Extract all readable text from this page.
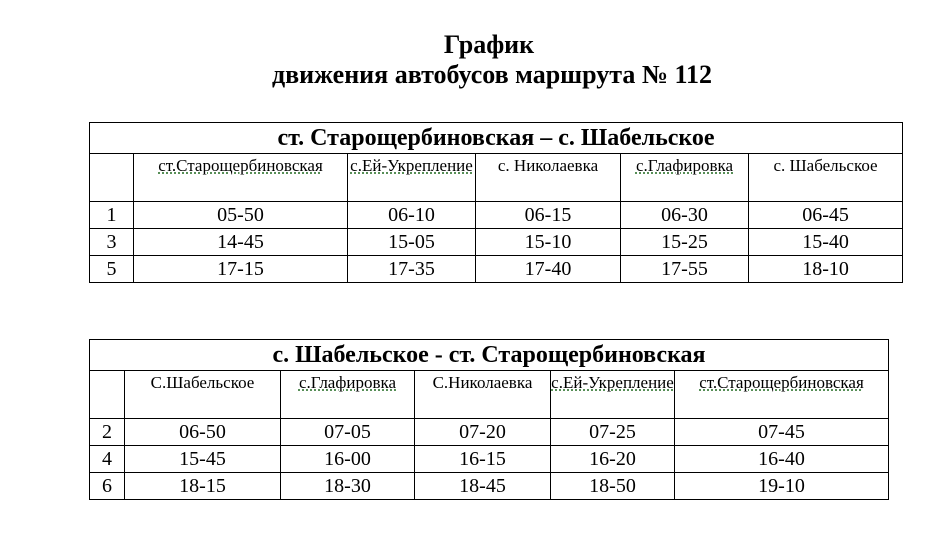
График
движения автобусов маршрута № 112
ст. Старощербиновская – с. Шабельское					
	ст.Старощербиновская	с.Ей-Укрепление	с. Николаевка	с.Глафировка	с. Шабельское
1	05-50	06-10	06-15	06-30	06-45
3	14-45	15-05	15-10	15-25	15-40
5	17-15	17-35	17-40	17-55	18-10
с. Шабельское - ст. Старощербиновская					
	С.Шабельское	с.Глафировка	С.Николаевка	с.Ей-Укрепление	ст.Старощербиновская
2	06-50	07-05	07-20	07-25	07-45
4	15-45	16-00	16-15	16-20	16-40
6	18-15	18-30	18-45	18-50	19-10
